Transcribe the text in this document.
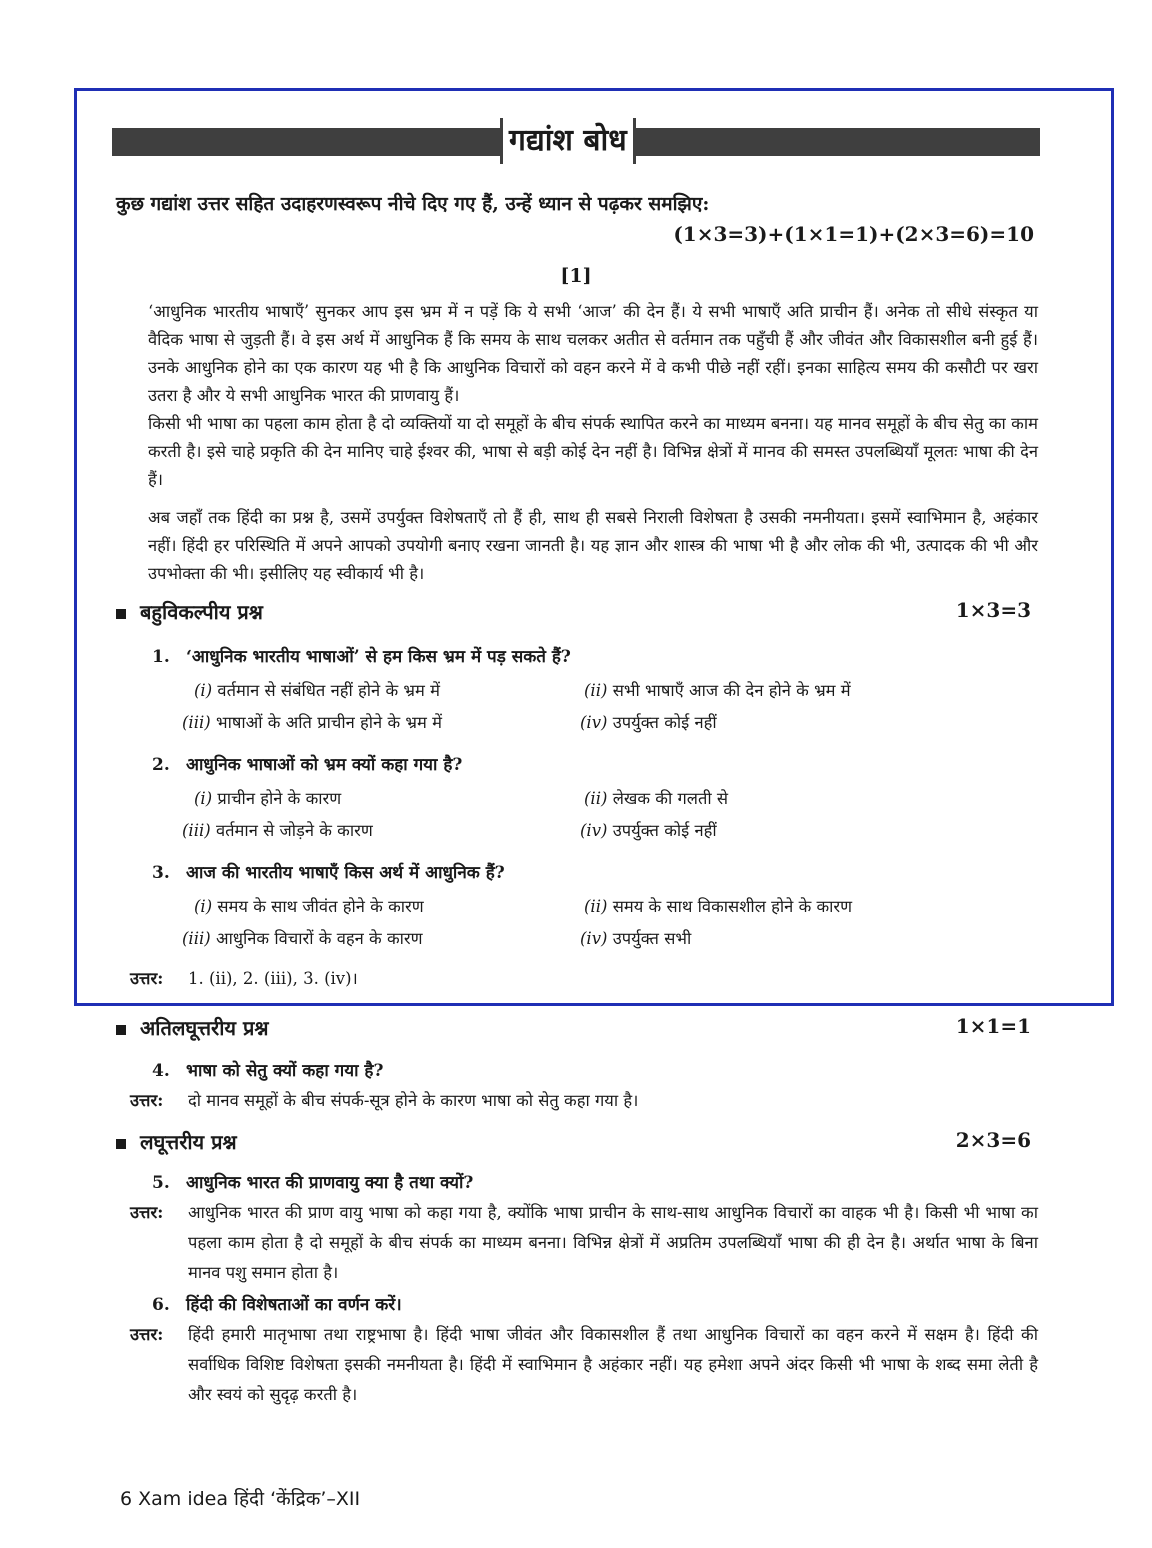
गद्यांश बोध
कुछ गद्यांश उत्तर सहित उदाहरणस्वरूप नीचे दिए गए हैं, उन्हें ध्यान से पढ़कर समझिए:
(1×3=3)+(1×1=1)+(2×3=6)=10
[1]
‘आधुनिक भारतीय भाषाएँ’ सुनकर आप इस भ्रम में न पड़ें कि ये सभी ‘आज’ की देन हैं। ये सभी भाषाएँ अति प्राचीन हैं। अनेक तो सीधे संस्कृत या वैदिक भाषा से जुड़ती हैं। वे इस अर्थ में आधुनिक हैं कि समय के साथ चलकर अतीत से वर्तमान तक पहुँची हैं और जीवंत और विकासशील बनी हुई हैं। उनके आधुनिक होने का एक कारण यह भी है कि आधुनिक विचारों को वहन करने में वे कभी पीछे नहीं रहीं। इनका साहित्य समय की कसौटी पर खरा उतरा है और ये सभी आधुनिक भारत की प्राणवायु हैं।
किसी भी भाषा का पहला काम होता है दो व्यक्तियों या दो समूहों के बीच संपर्क स्थापित करने का माध्यम बनना। यह मानव समूहों के बीच सेतु का काम करती है। इसे चाहे प्रकृति की देन मानिए चाहे ईश्वर की, भाषा से बड़ी कोई देन नहीं है। विभिन्न क्षेत्रों में मानव की समस्त उपलब्धियाँ मूलतः भाषा की देन हैं।
अब जहाँ तक हिंदी का प्रश्न है, उसमें उपर्युक्त विशेषताएँ तो हैं ही, साथ ही सबसे निराली विशेषता है उसकी नमनीयता। इसमें स्वाभिमान है, अहंकार नहीं। हिंदी हर परिस्थिति में अपने आपको उपयोगी बनाए रखना जानती है। यह ज्ञान और शास्त्र की भाषा भी है और लोक की भी, उत्पादक की भी और उपभोक्ता की भी। इसीलिए यह स्वीकार्य भी है।
बहुविकल्पीय प्रश्न	1×3=3
1. ‘आधुनिक भारतीय भाषाओं’ से हम किस भ्रम में पड़ सकते हैं?
(i) वर्तमान से संबंधित नहीं होने के भ्रम में	(ii) सभी भाषाएँ आज की देन होने के भ्रम में
(iii) भाषाओं के अति प्राचीन होने के भ्रम में	(iv) उपर्युक्त कोई नहीं
2. आधुनिक भाषाओं को भ्रम क्यों कहा गया है?
(i) प्राचीन होने के कारण	(ii) लेखक की गलती से
(iii) वर्तमान से जोड़ने के कारण	(iv) उपर्युक्त कोई नहीं
3. आज की भारतीय भाषाएँ किस अर्थ में आधुनिक हैं?
(i) समय के साथ जीवंत होने के कारण	(ii) समय के साथ विकासशील होने के कारण
(iii) आधुनिक विचारों के वहन के कारण	(iv) उपर्युक्त सभी
उत्तर: 1. (ii), 2. (iii), 3. (iv)।
अतिलघूत्तरीय प्रश्न	1×1=1
4. भाषा को सेतु क्यों कहा गया है?
उत्तर: दो मानव समूहों के बीच संपर्क-सूत्र होने के कारण भाषा को सेतु कहा गया है।
लघूत्तरीय प्रश्न	2×3=6
5. आधुनिक भारत की प्राणवायु क्या है तथा क्यों?
उत्तर: आधुनिक भारत की प्राण वायु भाषा को कहा गया है, क्योंकि भाषा प्राचीन के साथ-साथ आधुनिक विचारों का वाहक भी है। किसी भी भाषा का पहला काम होता है दो समूहों के बीच संपर्क का माध्यम बनना। विभिन्न क्षेत्रों में अप्रतिम उपलब्धियाँ भाषा की ही देन है। अर्थात भाषा के बिना मानव पशु समान होता है।
6. हिंदी की विशेषताओं का वर्णन करें।
उत्तर: हिंदी हमारी मातृभाषा तथा राष्ट्रभाषा है। हिंदी भाषा जीवंत और विकासशील हैं तथा आधुनिक विचारों का वहन करने में सक्षम है। हिंदी की सर्वाधिक विशिष्ट विशेषता इसकी नमनीयता है। हिंदी में स्वाभिमान है अहंकार नहीं। यह हमेशा अपने अंदर किसी भी भाषा के शब्द समा लेती है और स्वयं को सुदृढ़ करती है।
6 Xam idea हिंदी ‘केंद्रिक’–XII
